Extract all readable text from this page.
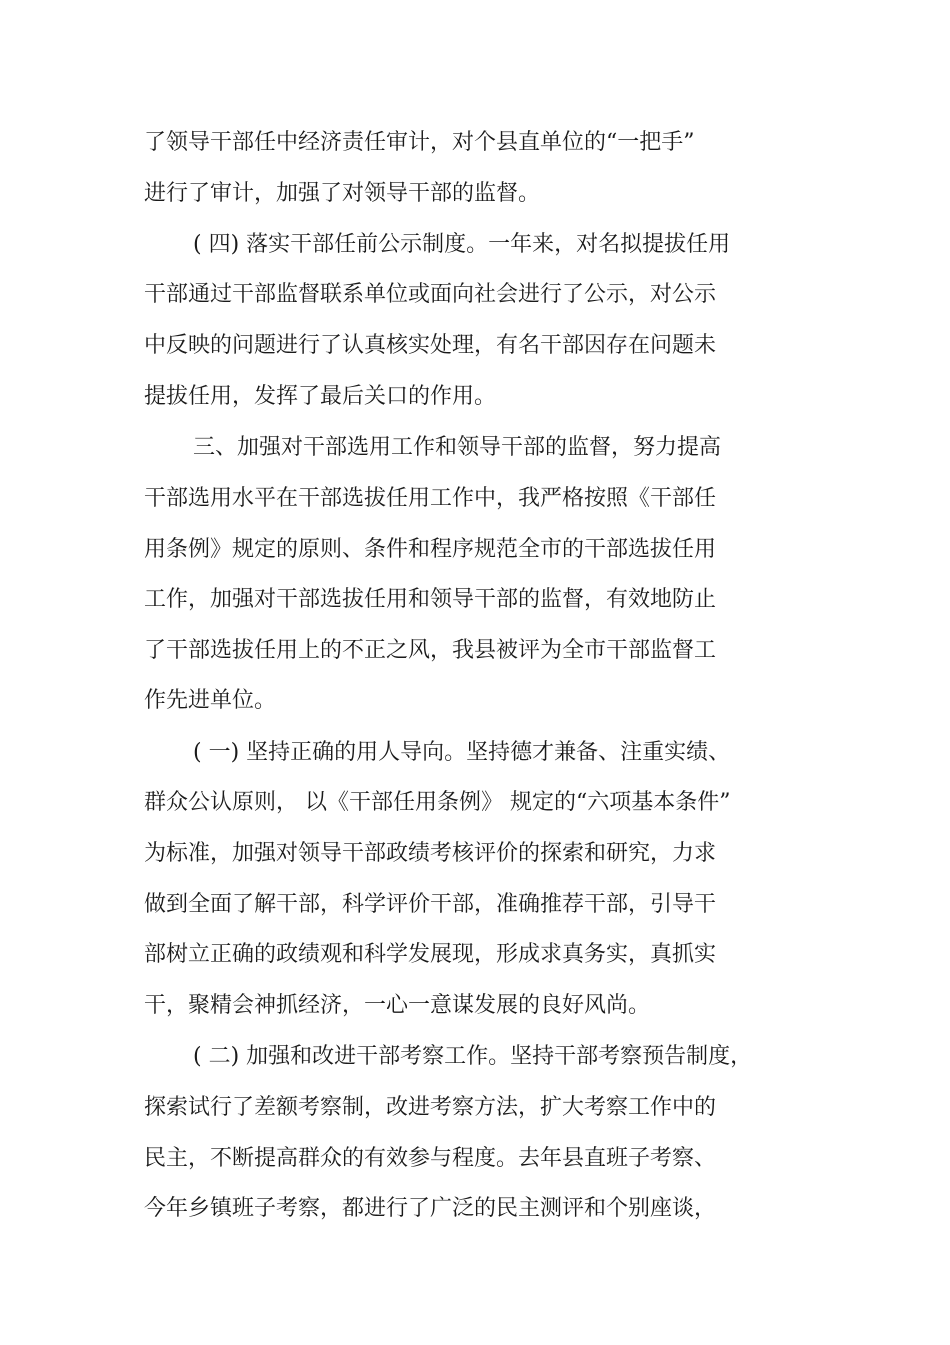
了领导干部任中经济责任审计，对个县直单位的“一把手”
进行了审计，加强了对领导干部的监督。
( 四) 落实干部任前公示制度。一年来，对名拟提拔任用
干部通过干部监督联系单位或面向社会进行了公示，对公示
中反映的问题进行了认真核实处理，有名干部因存在问题未
提拔任用，发挥了最后关口的作用。
三、加强对干部选用工作和领导干部的监督，努力提高
干部选用水平在干部选拔任用工作中，我严格按照《干部任
用条例》规定的原则、条件和程序规范全市的干部选拔任用
工作，加强对干部选拔任用和领导干部的监督，有效地防止
了干部选拔任用上的不正之风，我县被评为全市干部监督工
作先进单位。
( 一) 坚持正确的用人导向。坚持德才兼备、注重实绩、
群众公认原则， 以《干部任用条例》 规定的“六项基本条件”
为标准，加强对领导干部政绩考核评价的探索和研究，力求
做到全面了解干部，科学评价干部，准确推荐干部，引导干
部树立正确的政绩观和科学发展现，形成求真务实，真抓实
干，聚精会神抓经济，一心一意谋发展的良好风尚。
( 二) 加强和改进干部考察工作。坚持干部考察预告制度，
探索试行了差额考察制，改进考察方法，扩大考察工作中的
民主，不断提高群众的有效参与程度。去年县直班子考察、
今年乡镇班子考察，都进行了广泛的民主测评和个别座谈，
